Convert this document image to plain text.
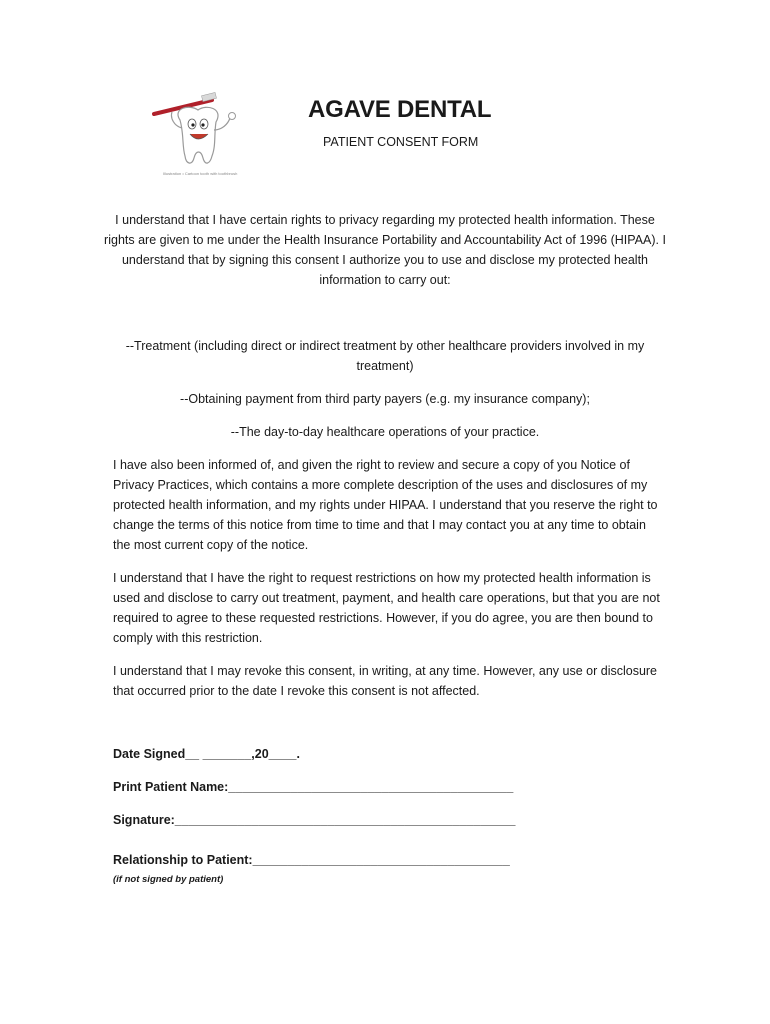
Illustration • Cartoon tooth with toothbrush
AGAVE DENTAL

PATIENT CONSENT FORM

I understand that I have certain rights to privacy regarding my protected health information. These rights are given to me under the Health Insurance Portability and Accountability Act of 1996 (HIPAA). I understand that by signing this consent I authorize you to use and disclose my protected health information to carry out:

--Treatment (including direct or indirect treatment by other healthcare providers involved in my treatment)

--Obtaining payment from third party payers (e.g. my insurance company);

--The day-to-day healthcare operations of your practice.

I have also been informed of, and given the right to review and secure a copy of you Notice of Privacy Practices, which contains a more complete description of the uses and disclosures of my protected health information, and my rights under HIPAA. I understand that you reserve the right to change the terms of this notice from time to time and that I may contact you at any time to obtain the most current copy of the notice.

I understand that I have the right to request restrictions on how my protected health information is used and disclose to carry out treatment, payment, and health care operations, but that you are not required to agree to these requested restrictions. However, if you do agree, you are then bound to comply with this restriction.

I understand that I may revoke this consent, in writing, at any time. However, any use or disclosure that occurred prior to the date I revoke this consent is not affected.

Date Signed__ _______,20____.

Print Patient Name:_________________________________________

Signature:_________________________________________________

Relationship to Patient:_____________________________________

(if not signed by patient)
